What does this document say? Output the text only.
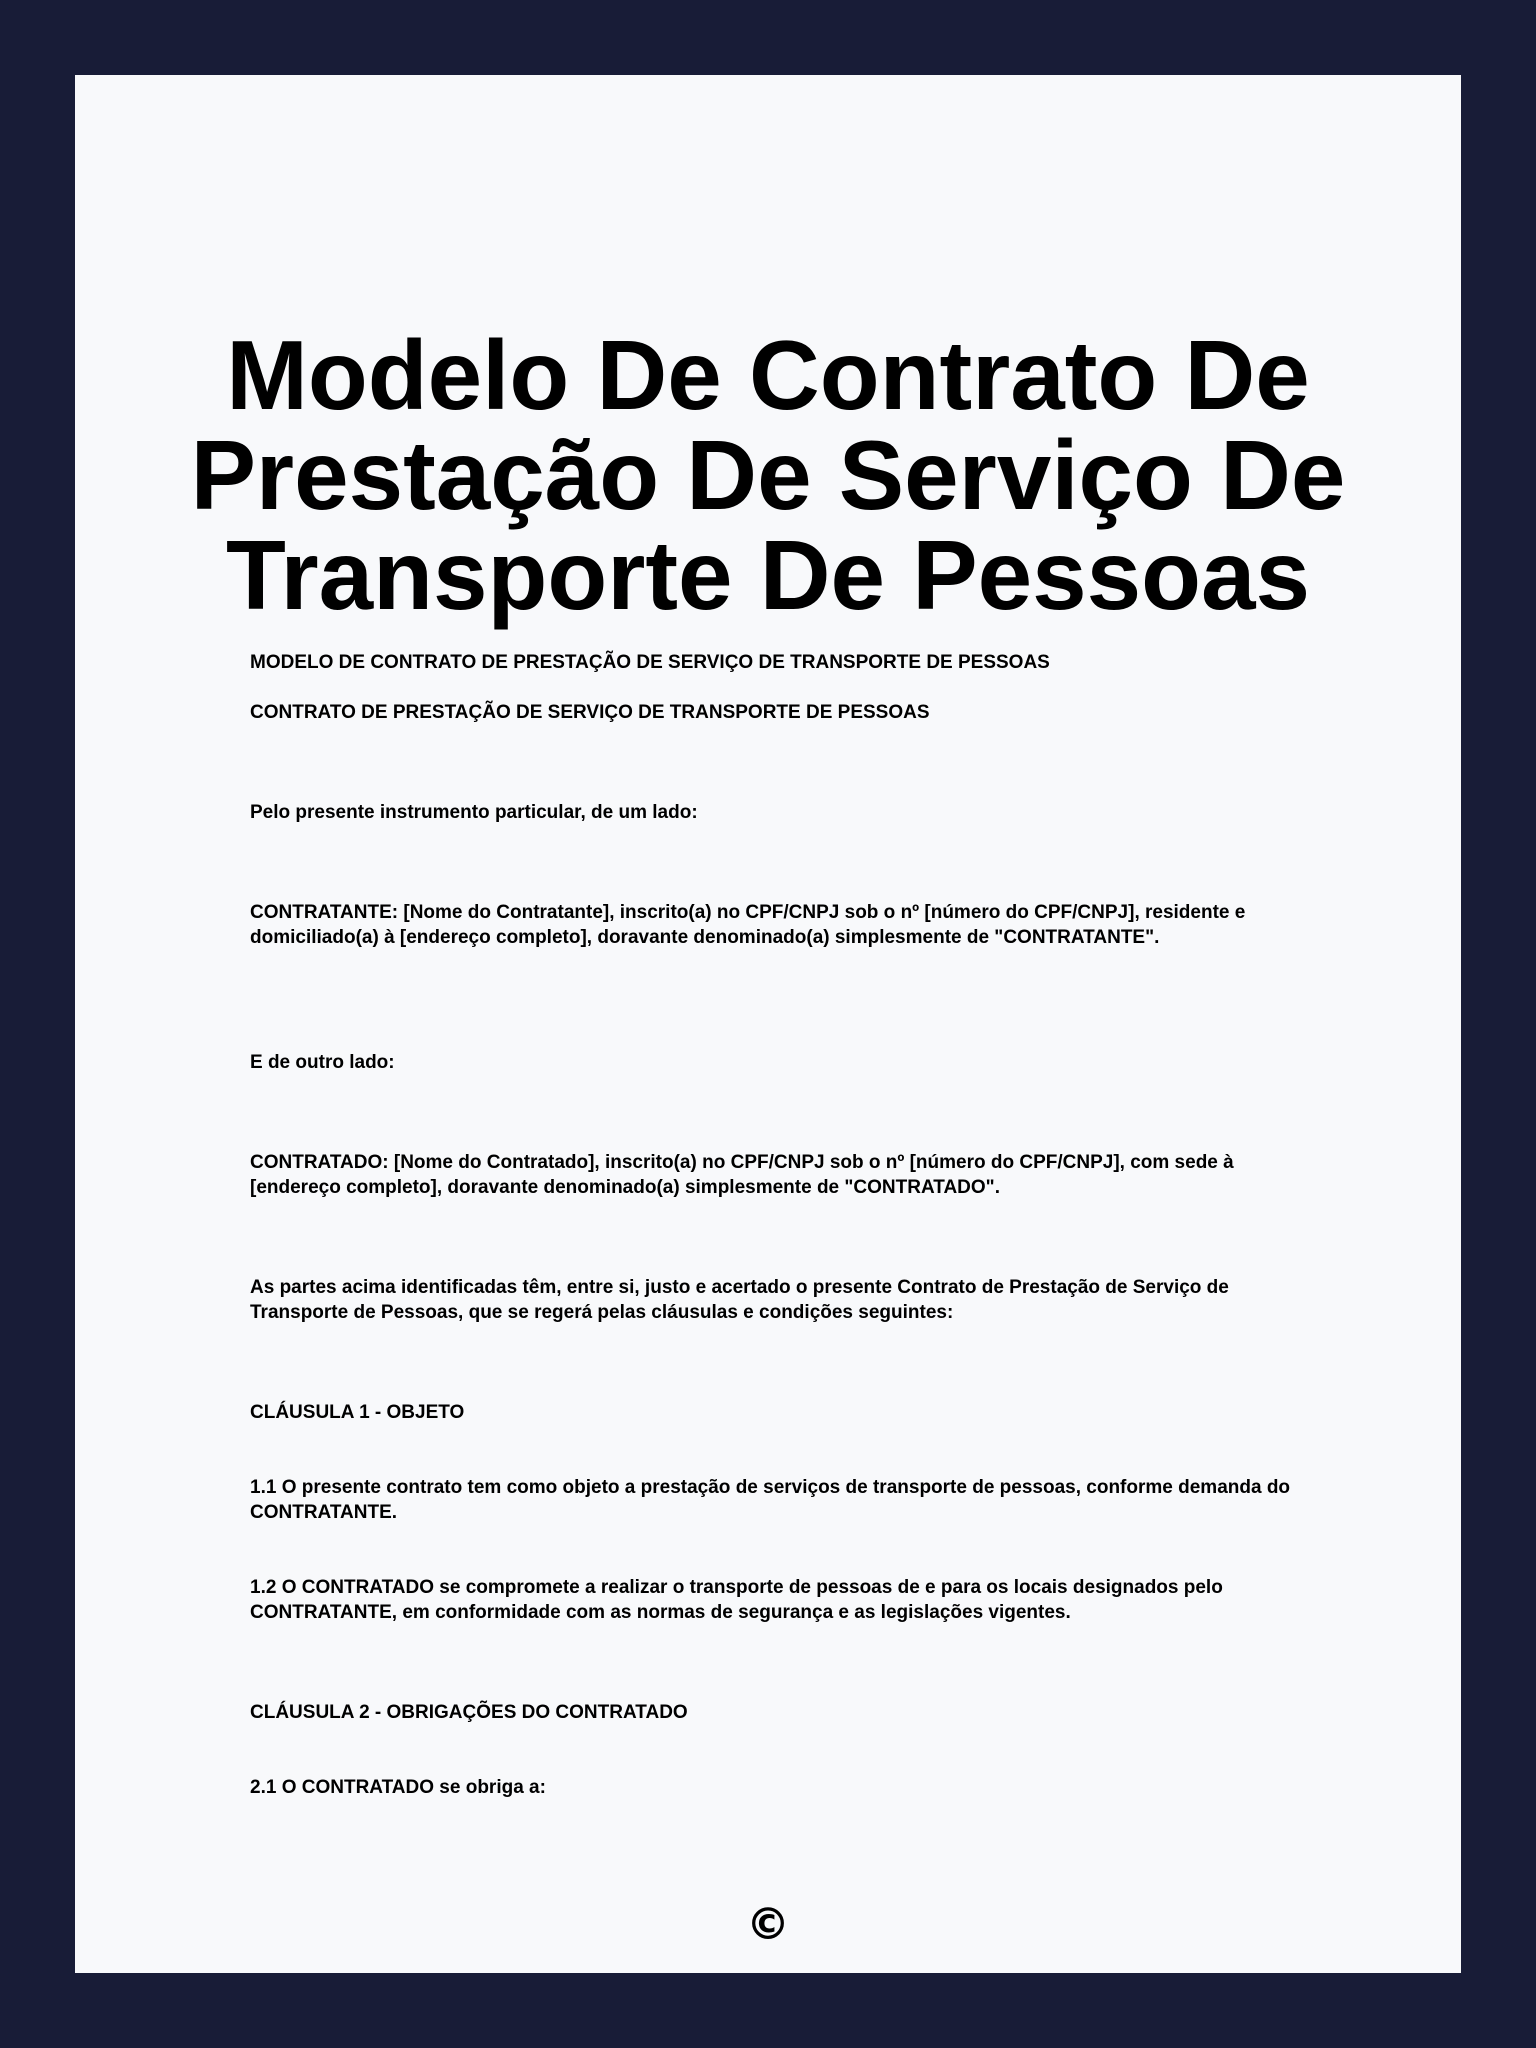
Modelo De Contrato De Prestação De Serviço De Transporte De Pessoas

MODELO DE CONTRATO DE PRESTAÇÃO DE SERVIÇO DE TRANSPORTE DE PESSOAS

CONTRATO DE PRESTAÇÃO DE SERVIÇO DE TRANSPORTE DE PESSOAS

Pelo presente instrumento particular, de um lado:

CONTRATANTE: [Nome do Contratante], inscrito(a) no CPF/CNPJ sob o nº [número do CPF/CNPJ], residente e domiciliado(a) à [endereço completo], doravante denominado(a) simplesmente de "CONTRATANTE".

E de outro lado:

CONTRATADO: [Nome do Contratado], inscrito(a) no CPF/CNPJ sob o nº [número do CPF/CNPJ], com sede à [endereço completo], doravante denominado(a) simplesmente de "CONTRATADO".

As partes acima identificadas têm, entre si, justo e acertado o presente Contrato de Prestação de Serviço de Transporte de Pessoas, que se regerá pelas cláusulas e condições seguintes:

CLÁUSULA 1 - OBJETO

1.1 O presente contrato tem como objeto a prestação de serviços de transporte de pessoas, conforme demanda do CONTRATANTE.

1.2 O CONTRATADO se compromete a realizar o transporte de pessoas de e para os locais designados pelo CONTRATANTE, em conformidade com as normas de segurança e as legislações vigentes.

CLÁUSULA 2 - OBRIGAÇÕES DO CONTRATADO

2.1 O CONTRATADO se obriga a:

©
